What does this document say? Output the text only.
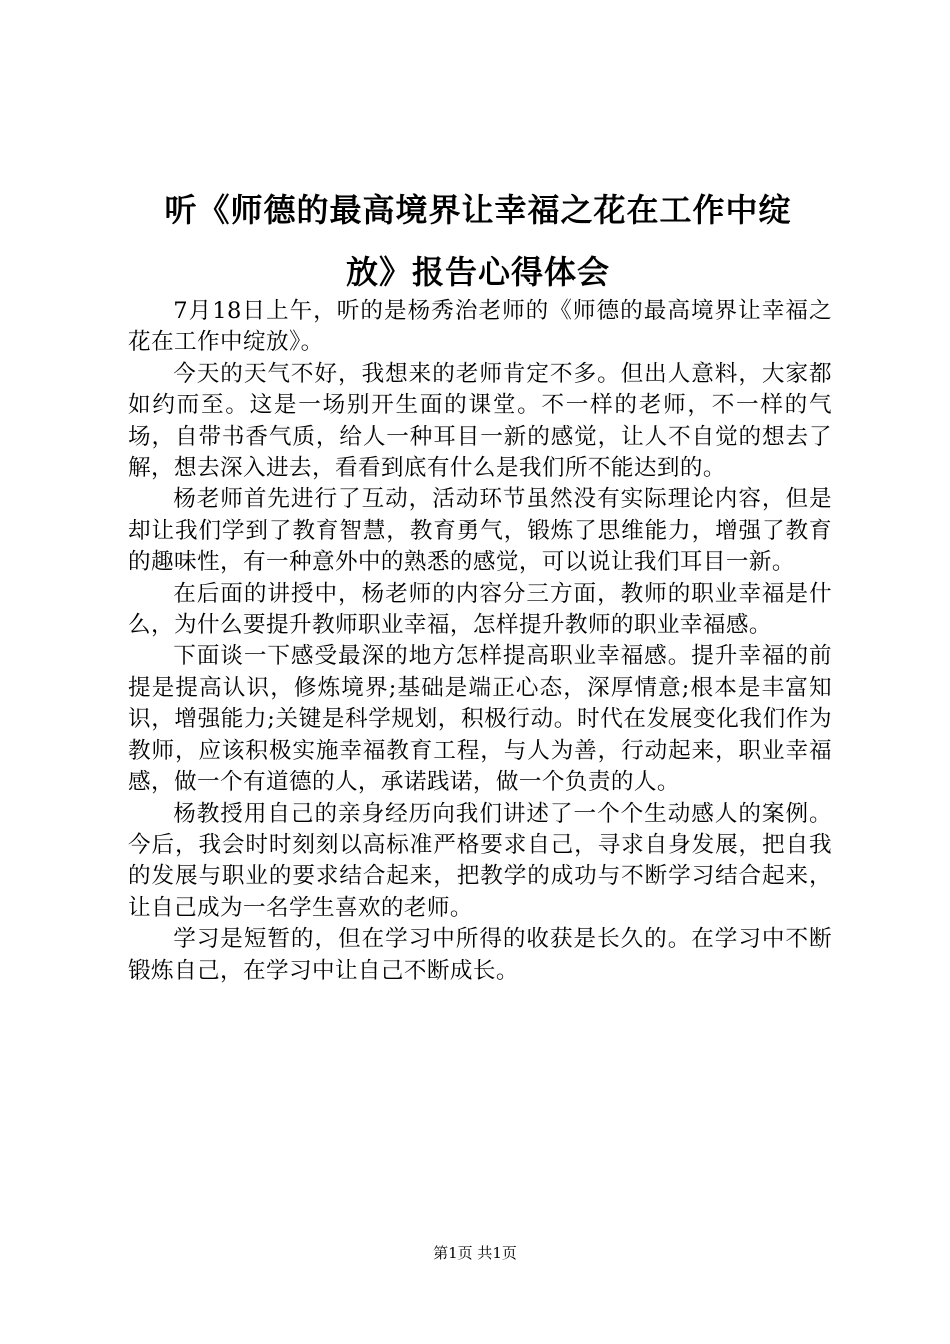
听《师德的最高境界让幸福之花在工作中绽
放》报告心得体会

7月18日上午，听的是杨秀治老师的《师德的最高境界让幸福之花在工作中绽放》。

今天的天气不好，我想来的老师肯定不多。但出人意料，大家都如约而至。这是一场别开生面的课堂。不一样的老师，不一样的气场，自带书香气质，给人一种耳目一新的感觉，让人不自觉的想去了解，想去深入进去，看看到底有什么是我们所不能达到的。

杨老师首先进行了互动，活动环节虽然没有实际理论内容，但是却让我们学到了教育智慧，教育勇气，锻炼了思维能力，增强了教育的趣味性，有一种意外中的熟悉的感觉，可以说让我们耳目一新。

在后面的讲授中，杨老师的内容分三方面，教师的职业幸福是什么，为什么要提升教师职业幸福，怎样提升教师的职业幸福感。

下面谈一下感受最深的地方怎样提高职业幸福感。提升幸福的前提是提高认识，修炼境界;基础是端正心态，深厚情意;根本是丰富知识，增强能力;关键是科学规划，积极行动。时代在发展变化我们作为教师，应该积极实施幸福教育工程，与人为善，行动起来，职业幸福感，做一个有道德的人，承诺践诺，做一个负责的人。

杨教授用自己的亲身经历向我们讲述了一个个生动感人的案例。今后，我会时时刻刻以高标准严格要求自己，寻求自身发展，把自我的发展与职业的要求结合起来，把教学的成功与不断学习结合起来，让自己成为一名学生喜欢的老师。

学习是短暂的，但在学习中所得的收获是长久的。在学习中不断锻炼自己，在学习中让自己不断成长。

第1页 共1页
